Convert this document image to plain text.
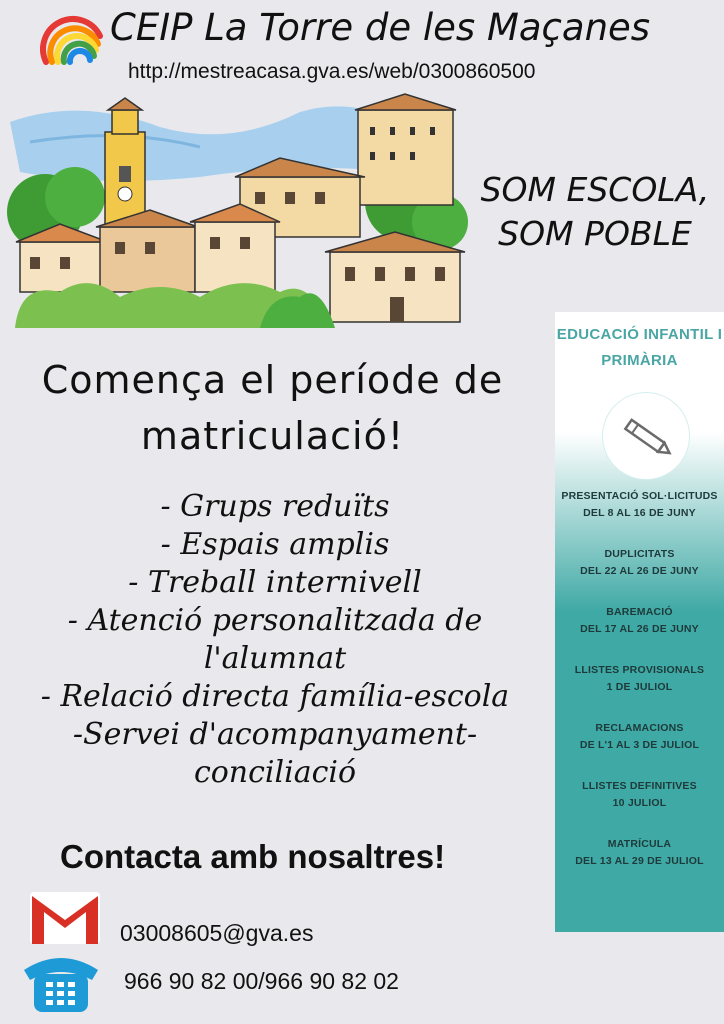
CEIP La Torre de les Maçanes
http://mestreacasa.gva.es/web/0300860500
SOM ESCOLA,
SOM POBLE
Comença el període de
matriculació!
- Grups reduïts
- Espais amplis
- Treball internivell
- Atenció personalitzada de
l'alumnat
- Relació directa família-escola
-Servei d'acompanyament-
conciliació
Contacta amb nosaltres!
03008605@gva.es
966 90 82 00/966 90 82 02
EDUCACIÓ INFANTIL I
PRIMÀRIA
PRESENTACIÓ SOL·LICITUDS
DEL 8 AL 16 DE JUNY
DUPLICITATS
DEL 22 AL 26 DE JUNY
BAREMACIÓ
DEL 17 AL 26 DE JUNY
LLISTES PROVISIONALS
1 DE JULIOL
RECLAMACIONS
DE L'1 AL 3 DE JULIOL
LLISTES DEFINITIVES
10 JULIOL
MATRÍCULA
DEL 13 AL 29 DE JULIOL
